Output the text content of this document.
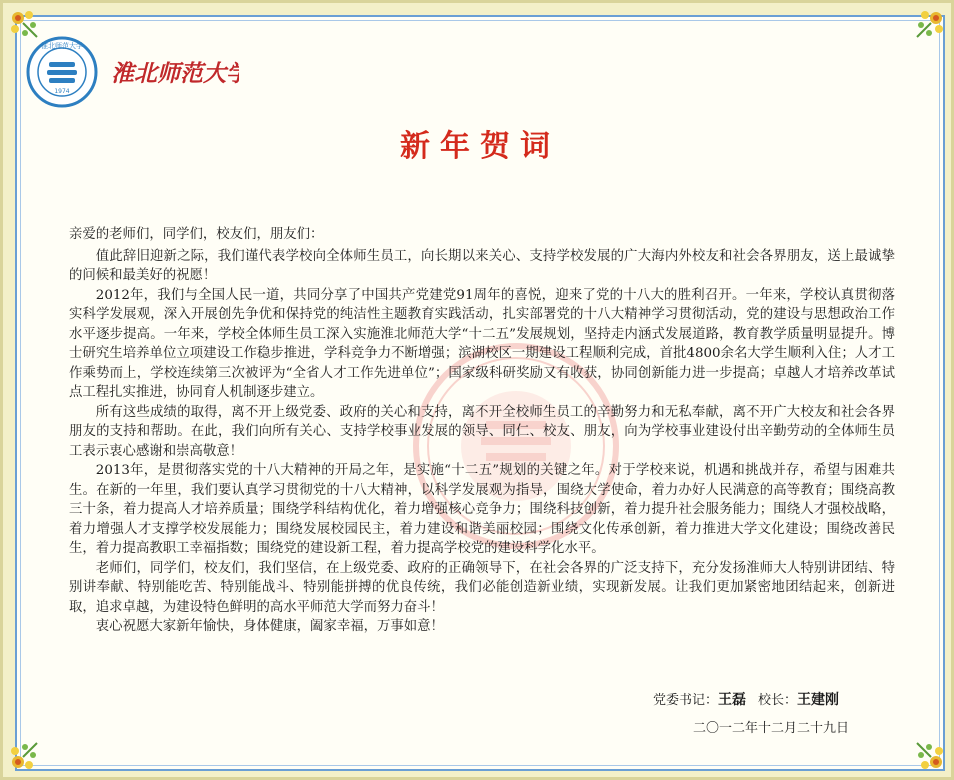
1974
淮北师范大学
淮北师范大学
新年贺词

亲爱的老师们，同学们，校友们，朋友们：

值此辞旧迎新之际，我们谨代表学校向全体师生员工，向长期以来关心、支持学校发展的广大海内外校友和社会各界朋友，送上最诚挚的问候和最美好的祝愿！

2012年，我们与全国人民一道，共同分享了中国共产党建党91周年的喜悦，迎来了党的十八大的胜利召开。一年来，学校认真贯彻落实科学发展观，深入开展创先争优和保持党的纯洁性主题教育实践活动，扎实部署党的十八大精神学习贯彻活动，党的建设与思想政治工作水平逐步提高。一年来，学校全体师生员工深入实施淮北师范大学“十二五”发展规划，坚持走内涵式发展道路，教育教学质量明显提升。博士研究生培养单位立项建设工作稳步推进，学科竞争力不断增强；滨湖校区一期建设工程顺利完成，首批4800余名大学生顺利入住；人才工作乘势而上，学校连续第三次被评为“全省人才工作先进单位”；国家级科研奖励又有收获，协同创新能力进一步提高；卓越人才培养改革试点工程扎实推进，协同育人机制逐步建立。

所有这些成绩的取得，离不开上级党委、政府的关心和支持，离不开全校师生员工的辛勤努力和无私奉献，离不开广大校友和社会各界朋友的支持和帮助。在此，我们向所有关心、支持学校事业发展的领导、同仁、校友、朋友，向为学校事业建设付出辛勤劳动的全体师生员工表示衷心感谢和崇高敬意！

2013年，是贯彻落实党的十八大精神的开局之年，是实施“十二五”规划的关键之年。对于学校来说，机遇和挑战并存，希望与困难共生。在新的一年里，我们要认真学习贯彻党的十八大精神，以科学发展观为指导，围绕大学使命，着力办好人民满意的高等教育；围绕高教三十条，着力提高人才培养质量；围绕学科结构优化，着力增强核心竞争力；围绕科技创新，着力提升社会服务能力；围绕人才强校战略，着力增强人才支撑学校发展能力；围绕发展校园民主，着力建设和谐美丽校园；围绕文化传承创新，着力推进大学文化建设；围绕改善民生，着力提高教职工幸福指数；围绕党的建设新工程，着力提高学校党的建设科学化水平。

老师们，同学们，校友们，我们坚信，在上级党委、政府的正确领导下，在社会各界的广泛支持下，充分发扬淮师大人特别讲团结、特别讲奉献、特别能吃苦、特别能战斗、特别能拼搏的优良传统，我们必能创造新业绩，实现新发展。让我们更加紧密地团结起来，创新进取，追求卓越，为建设特色鲜明的高水平师范大学而努力奋斗！

衷心祝愿大家新年愉快，身体健康，阖家幸福，万事如意！

党委书记：王磊 校长：王建刚
二〇一二年十二月二十九日
